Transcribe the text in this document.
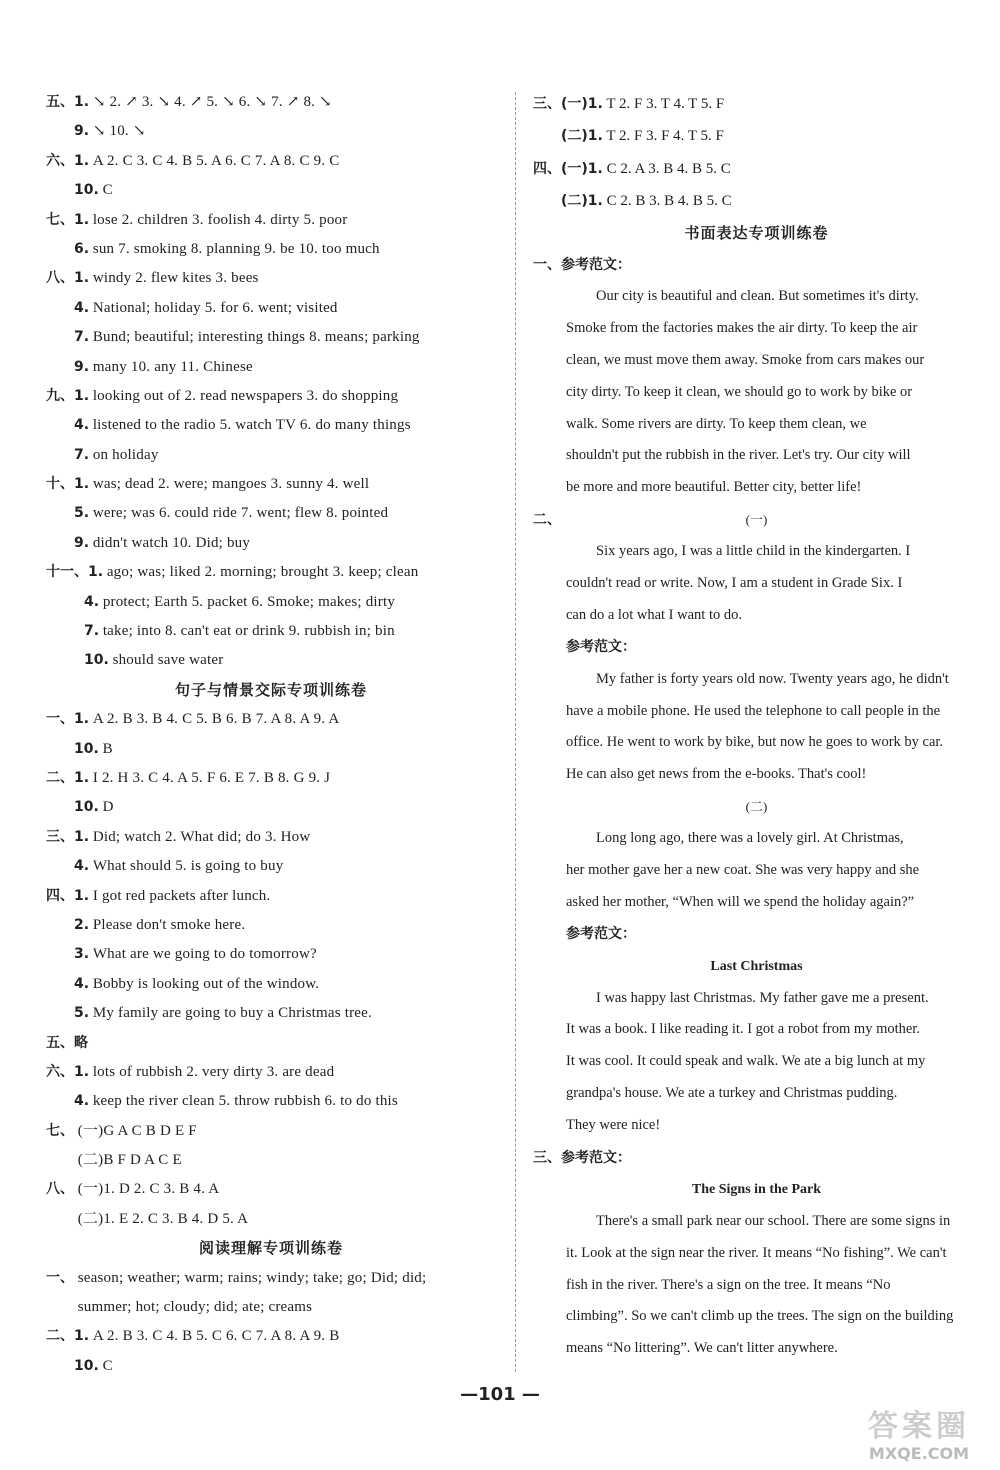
五、1. ↘ 2. ↗ 3. ↘ 4. ↗ 5. ↘ 6. ↘ 7. ↗ 8. ↘
9. ↘ 10. ↘
六、1. A 2. C 3. C 4. B 5. A 6. C 7. A 8. C 9. C
10. C
七、1. lose 2. children 3. foolish 4. dirty 5. poor
6. sun 7. smoking 8. planning 9. be 10. too much
八、1. windy 2. flew kites 3. bees
4. National; holiday 5. for 6. went; visited
7. Bund; beautiful; interesting things 8. means; parking
9. many 10. any 11. Chinese
九、1. looking out of 2. read newspapers 3. do shopping
4. listened to the radio 5. watch TV 6. do many things
7. on holiday
十、1. was; dead 2. were; mangoes 3. sunny 4. well
5. were; was 6. could ride 7. went; flew 8. pointed
9. didn't watch 10. Did; buy
十一、1. ago; was; liked 2. morning; brought 3. keep; clean
4. protect; Earth 5. packet 6. Smoke; makes; dirty
7. take; into 8. can't eat or drink 9. rubbish in; bin
10. should save water
句子与情景交际专项训练卷
一、1. A 2. B 3. B 4. C 5. B 6. B 7. A 8. A 9. A
10. B
二、1. I 2. H 3. C 4. A 5. F 6. E 7. B 8. G 9. J
10. D
三、1. Did; watch 2. What did; do 3. How
4. What should 5. is going to buy
四、1. I got red packets after lunch.
2. Please don't smoke here.
3. What are we going to do tomorrow?
4. Bobby is looking out of the window.
5. My family are going to buy a Christmas tree.
五、略
六、1. lots of rubbish 2. very dirty 3. are dead
4. keep the river clean 5. throw rubbish 6. to do this
七、 (一)G A C B D E F
(二)B F D A C E
八、 (一)1. D 2. C 3. B 4. A
(二)1. E 2. C 3. B 4. D 5. A
阅读理解专项训练卷
一、 season; weather; warm; rains; windy; take; go; Did; did;
summer; hot; cloudy; did; ate; creams
二、1. A 2. B 3. C 4. B 5. C 6. C 7. A 8. A 9. B
10. C
三、(一)1. T 2. F 3. T 4. T 5. F
(二)1. T 2. F 3. F 4. T 5. F
四、(一)1. C 2. A 3. B 4. B 5. C
(二)1. C 2. B 3. B 4. B 5. C
书面表达专项训练卷
一、参考范文：
Our city is beautiful and clean. But sometimes it's dirty.
Smoke from the factories makes the air dirty. To keep the air
clean, we must move them away. Smoke from cars makes our
city dirty. To keep it clean, we should go to work by bike or
walk. Some rivers are dirty. To keep them clean, we
shouldn't put the rubbish in the river. Let's try. Our city will
be more and more beautiful. Better city, better life!
二、	(一)
Six years ago, I was a little child in the kindergarten. I
couldn't read or write. Now, I am a student in Grade Six. I
can do a lot what I want to do.
参考范文：
My father is forty years old now. Twenty years ago, he didn't
have a mobile phone. He used the telephone to call people in the
office. He went to work by bike, but now he goes to work by car.
He can also get news from the e-books. That's cool!
(二)
Long long ago, there was a lovely girl. At Christmas,
her mother gave her a new coat. She was very happy and she
asked her mother, “When will we spend the holiday again?”
参考范文：
Last Christmas
I was happy last Christmas. My father gave me a present.
It was a book. I like reading it. I got a robot from my mother.
It was cool. It could speak and walk. We ate a big lunch at my
grandpa's house. We ate a turkey and Christmas pudding.
They were nice!
三、参考范文：
The Signs in the Park
There's a small park near our school. There are some signs in
it. Look at the sign near the river. It means “No fishing”. We can't
fish in the river. There's a sign on the tree. It means “No
climbing”. So we can't climb up the trees. The sign on the building
means “No littering”. We can't litter anywhere.
—101 —
答案圈
MXQE.COM
